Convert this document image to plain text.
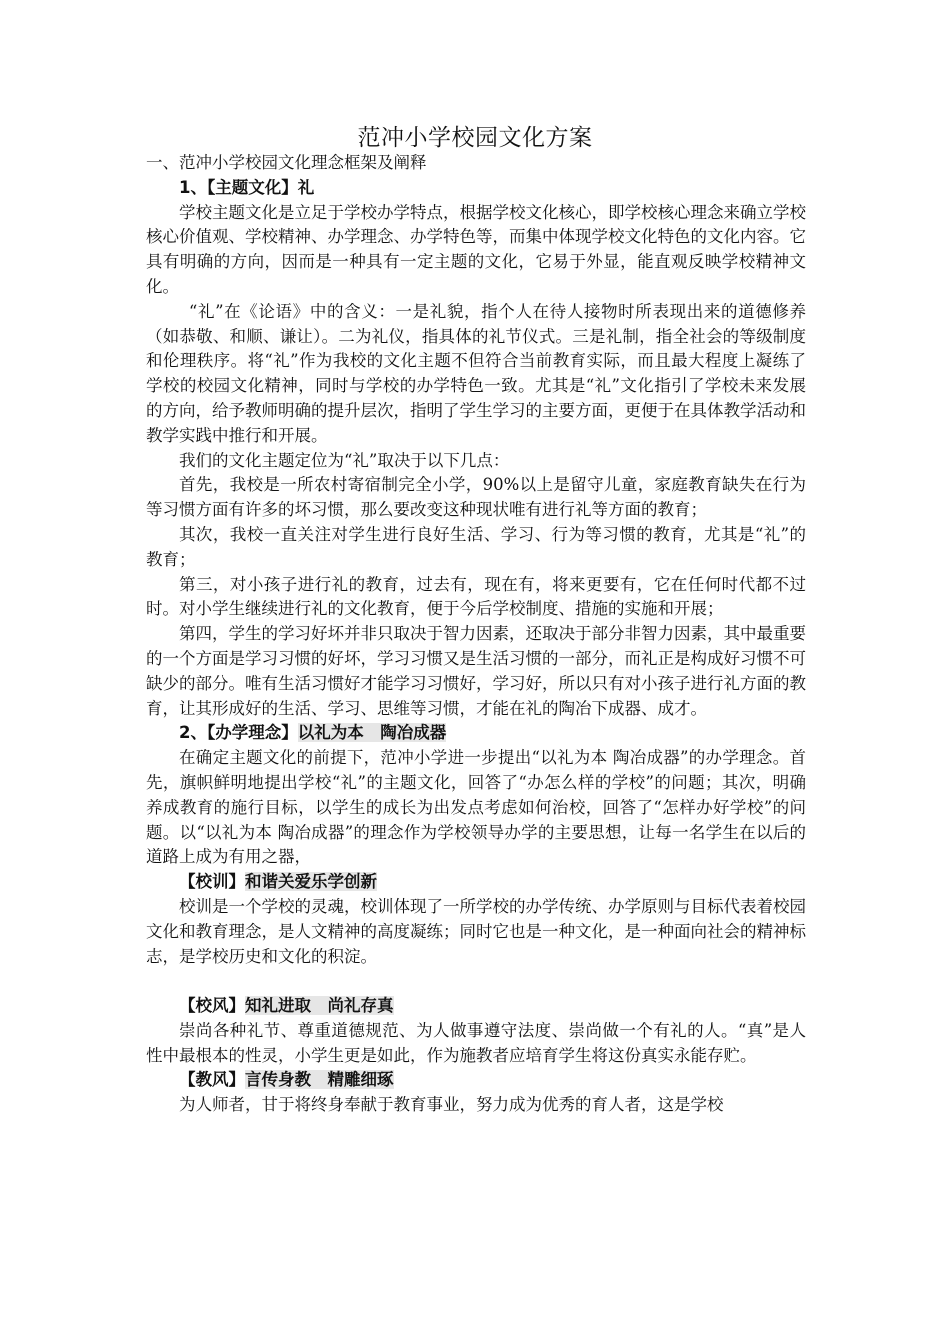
范冲小学校园文化方案

一、范冲小学校园文化理念框架及阐释

1、【主题文化】礼

学校主题文化是立足于学校办学特点，根据学校文化核心，即学校核心理念来确立学校核心价值观、学校精神、办学理念、办学特色等，而集中体现学校文化特色的文化内容。它具有明确的方向，因而是一种具有一定主题的文化，它易于外显，能直观反映学校精神文化。

“礼”在《论语》中的含义：一是礼貌，指个人在待人接物时所表现出来的道德修养（如恭敬、和顺、谦让）。二为礼仪，指具体的礼节仪式。三是礼制，指全社会的等级制度和伦理秩序。将“礼”作为我校的文化主题不但符合当前教育实际，而且最大程度上凝练了学校的校园文化精神，同时与学校的办学特色一致。尤其是“礼”文化指引了学校未来发展的方向，给予教师明确的提升层次，指明了学生学习的主要方面，更便于在具体教学活动和教学实践中推行和开展。

我们的文化主题定位为“礼”取决于以下几点：

首先，我校是一所农村寄宿制完全小学，90%以上是留守儿童，家庭教育缺失在行为等习惯方面有许多的坏习惯，那么要改变这种现状唯有进行礼等方面的教育；

其次，我校一直关注对学生进行良好生活、学习、行为等习惯的教育，尤其是“礼”的教育；

第三，对小孩子进行礼的教育，过去有，现在有，将来更要有，它在任何时代都不过时。对小学生继续进行礼的文化教育，便于今后学校制度、措施的实施和开展；

第四，学生的学习好坏并非只取决于智力因素，还取决于部分非智力因素，其中最重要的一个方面是学习习惯的好坏，学习习惯又是生活习惯的一部分，而礼正是构成好习惯不可缺少的部分。唯有生活习惯好才能学习习惯好，学习好，所以只有对小孩子进行礼方面的教育，让其形成好的生活、学习、思维等习惯，才能在礼的陶冶下成器、成才。

2、【办学理念】以礼为本　陶冶成器

在确定主题文化的前提下，范冲小学进一步提出“以礼为本 陶冶成器”的办学理念。首先，旗帜鲜明地提出学校“礼”的主题文化，回答了“办怎么样的学校”的问题；其次，明确养成教育的施行目标，以学生的成长为出发点考虑如何治校，回答了“怎样办好学校”的问题。以“以礼为本 陶冶成器”的理念作为学校领导办学的主要思想，让每一名学生在以后的道路上成为有用之器，

【校训】和谐关爱乐学创新

校训是一个学校的灵魂，校训体现了一所学校的办学传统、办学原则与目标代表着校园文化和教育理念，是人文精神的高度凝练；同时它也是一种文化，是一种面向社会的精神标志，是学校历史和文化的积淀。

【校风】知礼进取　尚礼存真

崇尚各种礼节、尊重道德规范、为人做事遵守法度、崇尚做一个有礼的人。“真”是人性中最根本的性灵，小学生更是如此，作为施教者应培育学生将这份真实永能存贮。

【教风】言传身教　精雕细琢

为人师者，甘于将终身奉献于教育事业，努力成为优秀的育人者，这是学校
